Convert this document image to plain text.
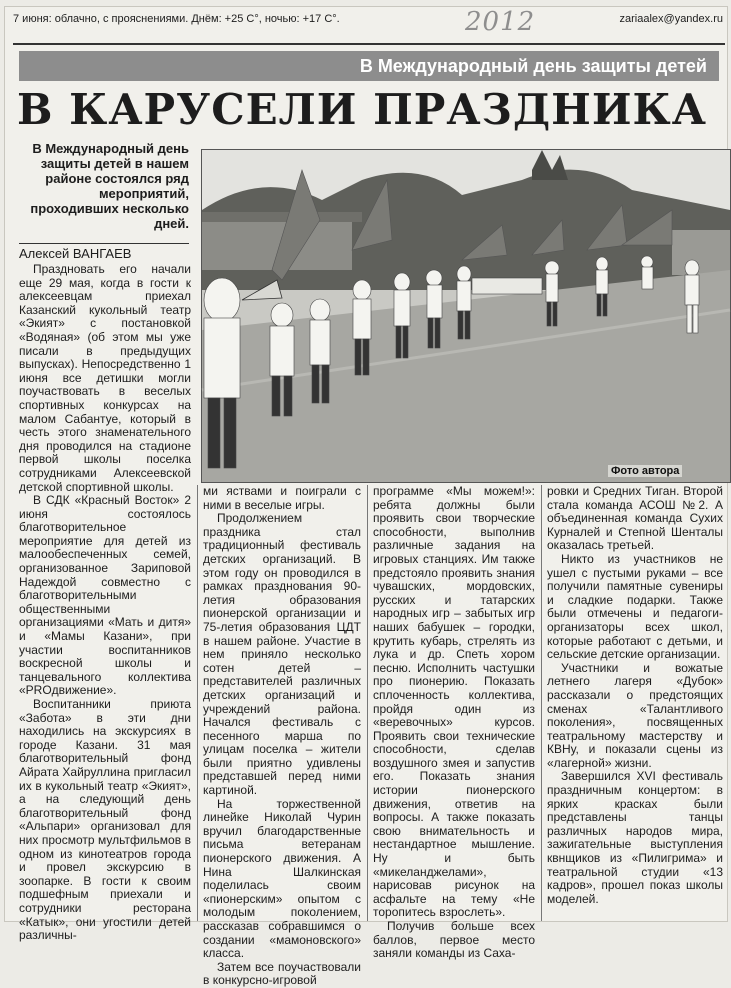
7 июня: облачно, с прояснениями. Днём: +25 С°, ночью: +17 С°.	2012	zariaalex@yandex.ru
В Международный день защиты детей
В КАРУСЕЛИ ПРАЗДНИКА
В Международный день защиты детей в нашем районе состоялся ряд мероприятий, проходивших несколько дней.
Алексей ВАНГАЕВ
Фото автора

Праздновать его начали еще 29 мая, когда в гости к алексеевцам приехал Казанский кукольный театр «Экият» с постановкой «Водяная» (об этом мы уже писали в предыдущих выпусках). Непосредственно 1 июня все детишки могли поучаствовать в веселых спортивных конкурсах на малом Сабантуе, который в честь этого знаменательного дня проводился на стадионе первой школы поселка сотрудниками Алексеевской детской спортивной школы.

В СДК «Красный Восток» 2 июня состоялось благотворительное мероприятие для детей из малообеспеченных семей, организованное Зариповой Надеждой совместно с благотворительными общественными организациями «Мать и дитя» и «Мамы Казани», при участии воспитанников воскресной школы и танцевального коллектива «PROдвижение».

Воспитанники приюта «Забота» в эти дни находились на экскурсиях в городе Казани. 31 мая благотворительный фонд Айрата Хайруллина пригласил их в кукольный театр «Экият», а на следующий день благотворительный фонд «Альпари» организовал для них просмотр мультфильмов в одном из кинотеатров города и провел экскурсию в зоопарке. В гости к своим подшефным приехали и сотрудники ресторана «Катык», они угостили детей различны-

ми яствами и поиграли с ними в веселые игры.

Продолжением праздника стал традиционный фестиваль детских организаций. В этом году он проводился в рамках празднования 90-летия образования пионерской организации и 75-летия образования ЦДТ в нашем районе. Участие в нем приняло несколько сотен детей – представителей различных детских организаций и учреждений района. Начался фестиваль с песенного марша по улицам поселка – жители были приятно удивлены представшей перед ними картиной.

На торжественной линейке Николай Чурин вручил благодарственные письма ветеранам пионерского движения. А Нина Шалкинская поделилась своим «пионерским» опытом с молодым поколением, рассказав собравшимся о создании «мамоновского» класса.

Затем все поучаствовали в конкурсно-игровой

программе «Мы можем!»: ребята должны были проявить свои творческие способности, выполнив различные задания на игровых станциях. Им также предстояло проявить знания чувашских, мордовских, русских и татарских народных игр – забытых игр наших бабушек – городки, крутить кубарь, стрелять из лука и др. Спеть хором песню. Исполнить частушки про пионерию. Показать сплоченность коллектива, пройдя один из «веревочных» курсов. Проявить свои технические способности, сделав воздушного змея и запустив его. Показать знания истории пионерского движения, ответив на вопросы. А также показать свою внимательность и нестандартное мышление. Ну и быть «микеланджелами», нарисовав рисунок на асфальте на тему «Не торопитесь взрослеть».

Получив больше всех баллов, первое место заняли команды из Саха-

ровки и Средних Тиган. Второй стала команда АСОШ №2. А объединенная команда Сухих Курналей и Степной Шенталы оказалась третьей.

Никто из участников не ушел с пустыми руками – все получили памятные сувениры и сладкие подарки. Также были отмечены и педагоги-организаторы всех школ, которые работают с детьми, и сельские детские организации.

Участники и вожатые летнего лагеря «Дубок» рассказали о предстоящих сменах «Талантливого поколения», посвященных театральному мастерству и КВНу, и показали сцены из «лагерной» жизни.

Завершился XVI фестиваль праздничным концертом: в ярких красках были представлены танцы различных народов мира, зажигательные выступления квнщиков из «Пилигрима» и театральной студии «13 кадров», прошел показ школы моделей.
